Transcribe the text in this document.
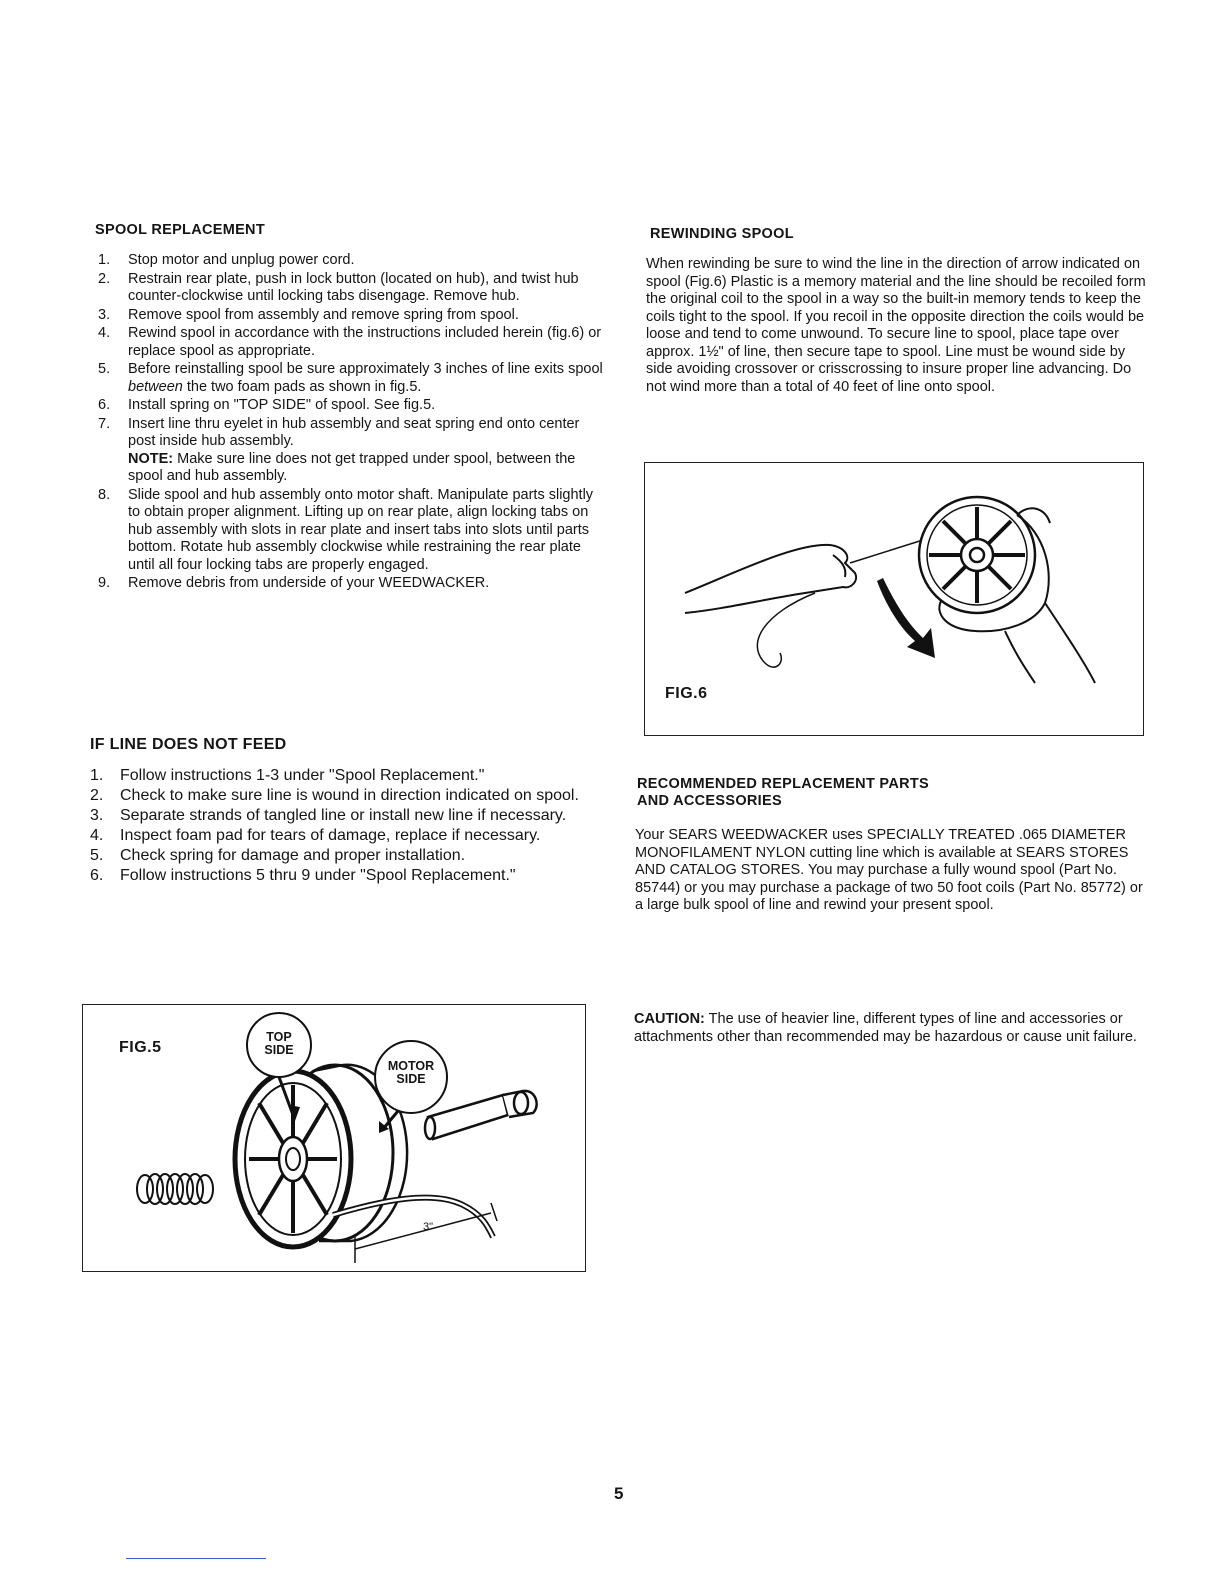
SPOOL REPLACEMENT
1. Stop motor and unplug power cord.
2. Restrain rear plate, push in lock button (located on hub), and twist hub counter-clockwise until locking tabs disengage. Remove hub.
3. Remove spool from assembly and remove spring from spool.
4. Rewind spool in accordance with the instructions included herein (fig.6) or replace spool as appropriate.
5. Before reinstalling spool be sure approximately 3 inches of line exits spool between the two foam pads as shown in fig.5.
6. Install spring on "TOP SIDE" of spool. See fig.5.
7. Insert line thru eyelet in hub assembly and seat spring end onto center post inside hub assembly.
NOTE: Make sure line does not get trapped under spool, between the spool and hub assembly.
8. Slide spool and hub assembly onto motor shaft. Manipulate parts slightly to obtain proper alignment. Lifting up on rear plate, align locking tabs on hub assembly with slots in rear plate and insert tabs into slots until parts bottom. Rotate hub assembly clockwise while restraining the rear plate until all four locking tabs are properly engaged.
9. Remove debris from underside of your WEEDWACKER.
IF LINE DOES NOT FEED
1. Follow instructions 1-3 under "Spool Replacement."
2. Check to make sure line is wound in direction indicated on spool.
3. Separate strands of tangled line or install new line if necessary.
4. Inspect foam pad for tears of damage, replace if necessary.
5. Check spring for damage and proper installation.
6. Follow instructions 5 thru 9 under "Spool Replacement."
FIG.5
TOP
SIDE
MOTOR
SIDE
3"
REWINDING SPOOL

When rewinding be sure to wind the line in the direction of arrow indicated on spool (Fig.6) Plastic is a memory material and the line should be recoiled form the original coil to the spool in a way so the built-in memory tends to keep the coils tight to the spool. If you recoil in the opposite direction the coils would be loose and tend to come unwound. To secure line to spool, place tape over approx. 1½" of line, then secure tape to spool. Line must be wound side by side avoiding crossover or crisscrossing to insure proper line advancing. Do not wind more than a total of 40 feet of line onto spool.

FIG.6
RECOMMENDED REPLACEMENT PARTS
AND ACCESSORIES

Your SEARS WEEDWACKER uses SPECIALLY TREATED .065 DIAMETER MONOFILAMENT NYLON cutting line which is available at SEARS STORES AND CATALOG STORES. You may purchase a fully wound spool (Part No. 85744) or you may purchase a package of two 50 foot coils (Part No. 85772) or a large bulk spool of line and rewind your present spool.

CAUTION: The use of heavier line, different types of line and accessories or attachments other than recommended may be hazardous or cause unit failure.

5
